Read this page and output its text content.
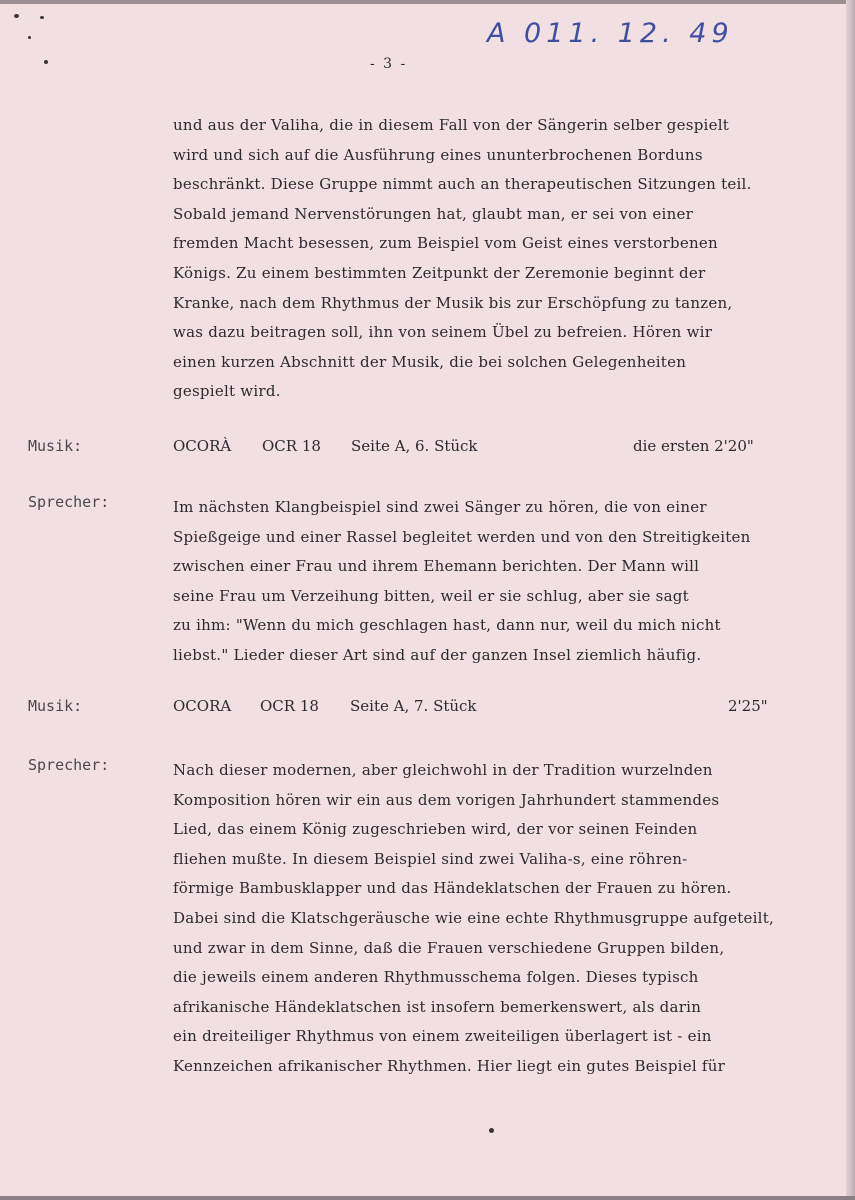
A 011. 12. 49
- 3 -
und aus der Valiha, die in diesem Fall von der Sängerin selber gespielt
wird und sich auf die Ausführung eines ununterbrochenen Borduns
beschränkt. Diese Gruppe nimmt auch an therapeutischen Sitzungen teil.
Sobald jemand Nervenstörungen hat, glaubt man, er sei von einer
fremden Macht besessen, zum Beispiel vom Geist eines verstorbenen
Königs. Zu einem bestimmten Zeitpunkt der Zeremonie beginnt der
Kranke, nach dem Rhythmus der Musik bis zur Erschöpfung zu tanzen,
was dazu beitragen soll, ihn von seinem Übel zu befreien. Hören wir
einen kurzen Abschnitt der Musik, die bei solchen Gelegenheiten
gespielt wird.
Musik:	OCORÀ OCR 18 Seite A, 6. Stück	die ersten 2'20"
Sprecher:	Im nächsten Klangbeispiel sind zwei Sänger zu hören, die von einer
Spießgeige und einer Rassel begleitet werden und von den Streitigkeiten
zwischen einer Frau und ihrem Ehemann berichten. Der Mann will
seine Frau um Verzeihung bitten, weil er sie schlug, aber sie sagt
zu ihm: "Wenn du mich geschlagen hast, dann nur, weil du mich nicht
liebst." Lieder dieser Art sind auf der ganzen Insel ziemlich häufig.
Musik:	OCORA OCR 18 Seite A, 7. Stück	2'25"
Sprecher:	Nach dieser modernen, aber gleichwohl in der Tradition wurzelnden
Komposition hören wir ein aus dem vorigen Jahrhundert stammendes
Lied, das einem König zugeschrieben wird, der vor seinen Feinden
fliehen mußte. In diesem Beispiel sind zwei Valiha-s, eine röhren-
förmige Bambusklapper und das Händeklatschen der Frauen zu hören.
Dabei sind die Klatschgeräusche wie eine echte Rhythmusgruppe aufgeteilt,
und zwar in dem Sinne, daß die Frauen verschiedene Gruppen bilden,
die jeweils einem anderen Rhythmusschema folgen. Dieses typisch
afrikanische Händeklatschen ist insofern bemerkenswert, als darin
ein dreiteiliger Rhythmus von einem zweiteiligen überlagert ist - ein
Kennzeichen afrikanischer Rhythmen. Hier liegt ein gutes Beispiel für
